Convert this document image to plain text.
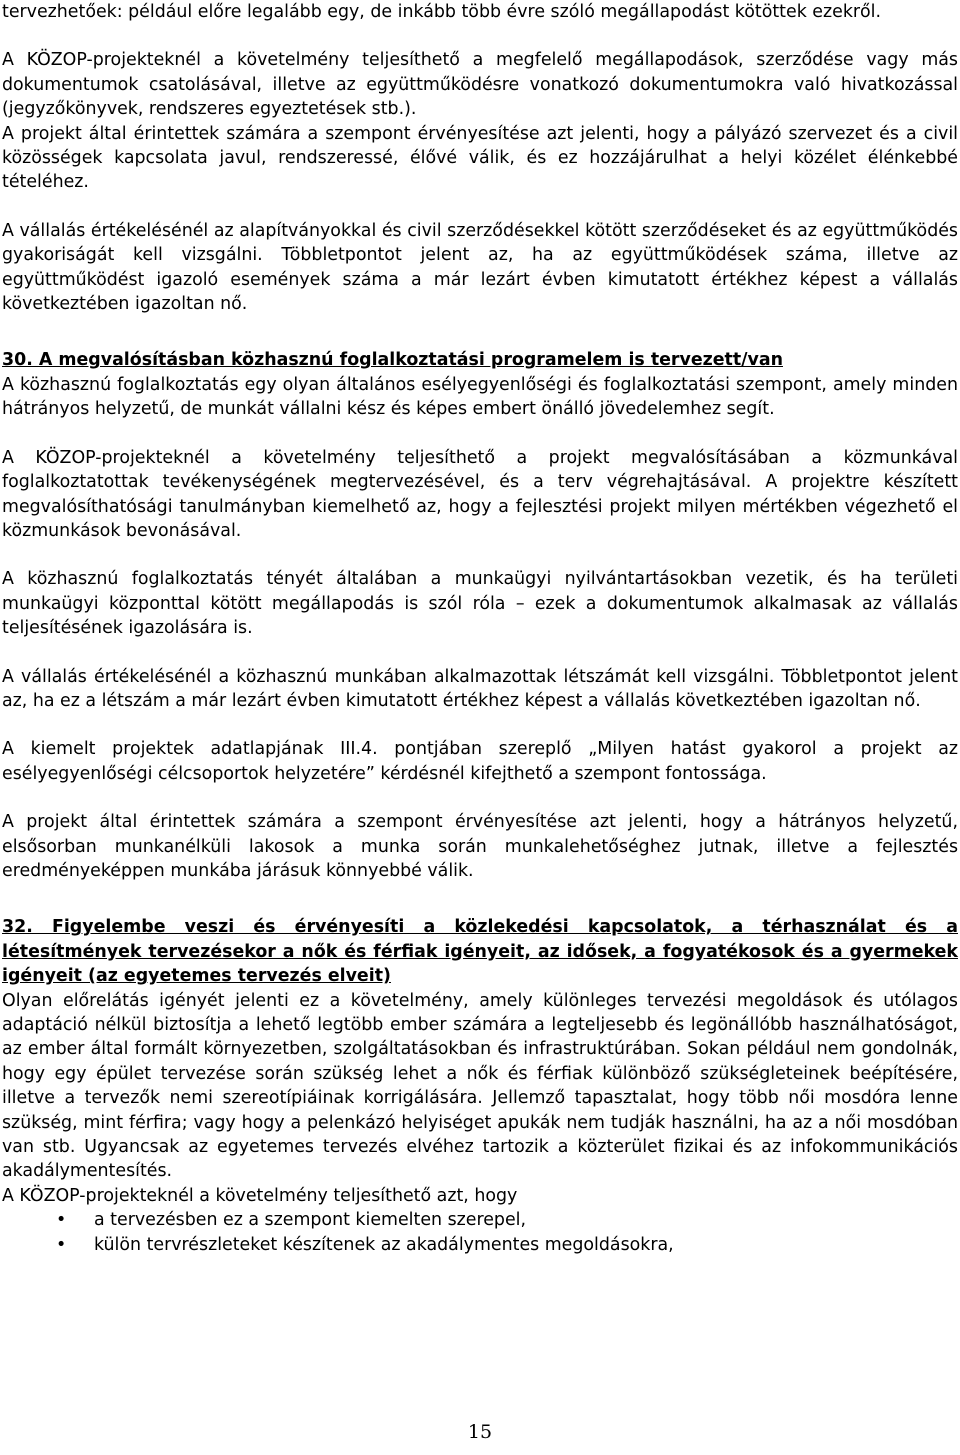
tervezhetőek: például előre legalább egy, de inkább több évre szóló megállapodást kötöttek ezekről.

A KÖZOP-projekteknél a követelmény teljesíthető a megfelelő megállapodások, szerződése vagy más dokumentumok csatolásával, illetve az együttműködésre vonatkozó dokumentumokra való hivatkozással (jegyzőkönyvek, rendszeres egyeztetések stb.).

A projekt által érintettek számára a szempont érvényesítése azt jelenti, hogy a pályázó szervezet és a civil közösségek kapcsolata javul, rendszeressé, élővé válik, és ez hozzájárulhat a helyi közélet élénkebbé tételéhez.

A vállalás értékelésénél az alapítványokkal és civil szerződésekkel kötött szerződéseket és az együttműködés gyakoriságát kell vizsgálni. Többletpontot jelent az, ha az együttműködések száma, illetve az együttműködést igazoló események száma a már lezárt évben kimutatott értékhez képest a vállalás következtében igazoltan nő.

30. A megvalósításban közhasznú foglalkoztatási programelem is tervezett/van

A közhasznú foglalkoztatás egy olyan általános esélyegyenlőségi és foglalkoztatási szempont, amely minden hátrányos helyzetű, de munkát vállalni kész és képes embert önálló jövedelemhez segít.

A KÖZOP-projekteknél a követelmény teljesíthető a projekt megvalósításában a közmunkával foglalkoztatottak tevékenységének megtervezésével, és a terv végrehajtásával. A projektre készített megvalósíthatósági tanulmányban kiemelhető az, hogy a fejlesztési projekt milyen mértékben végezhető el közmunkások bevonásával.

A közhasznú foglalkoztatás tényét általában a munkaügyi nyilvántartásokban vezetik, és ha területi munkaügyi központtal kötött megállapodás is szól róla – ezek a dokumentumok alkalmasak az vállalás teljesítésének igazolására is.

A vállalás értékelésénél a közhasznú munkában alkalmazottak létszámát kell vizsgálni. Többletpontot jelent az, ha ez a létszám a már lezárt évben kimutatott értékhez képest a vállalás következtében igazoltan nő.

A kiemelt projektek adatlapjának III.4. pontjában szereplő „Milyen hatást gyakorol a projekt az esélyegyenlőségi célcsoportok helyzetére” kérdésnél kifejthető a szempont fontossága.

A projekt által érintettek számára a szempont érvényesítése azt jelenti, hogy a hátrányos helyzetű, elsősorban munkanélküli lakosok a munka során munkalehetőséghez jutnak, illetve a fejlesztés eredményeképpen munkába járásuk könnyebbé válik.

32. Figyelembe veszi és érvényesíti a közlekedési kapcsolatok, a térhasználat és a létesítmények tervezésekor a nők és férfiak igényeit, az idősek, a fogyatékosok és a gyermekek igényeit (az egyetemes tervezés elveit)

Olyan előrelátás igényét jelenti ez a követelmény, amely különleges tervezési megoldások és utólagos adaptáció nélkül biztosítja a lehető legtöbb ember számára a legteljesebb és legönállóbb használhatóságot, az ember által formált környezetben, szolgáltatásokban és infrastruktúrában. Sokan például nem gondolnák, hogy egy épület tervezése során szükség lehet a nők és férfiak különböző szükségleteinek beépítésére, illetve a tervezők nemi szereotípiáinak korrigálására. Jellemző tapasztalat, hogy több női mosdóra lenne szükség, mint férfira; vagy hogy a pelenkázó helyiséget apukák nem tudják használni, ha az a női mosdóban van stb. Ugyancsak az egyetemes tervezés elvéhez tartozik a közterület fizikai és az infokommunikációs akadálymentesítés.

A KÖZOP-projekteknél a követelmény teljesíthető azt, hogy

• a tervezésben ez a szempont kiemelten szerepel,
• külön tervrészleteket készítenek az akadálymentes megoldásokra,
15
